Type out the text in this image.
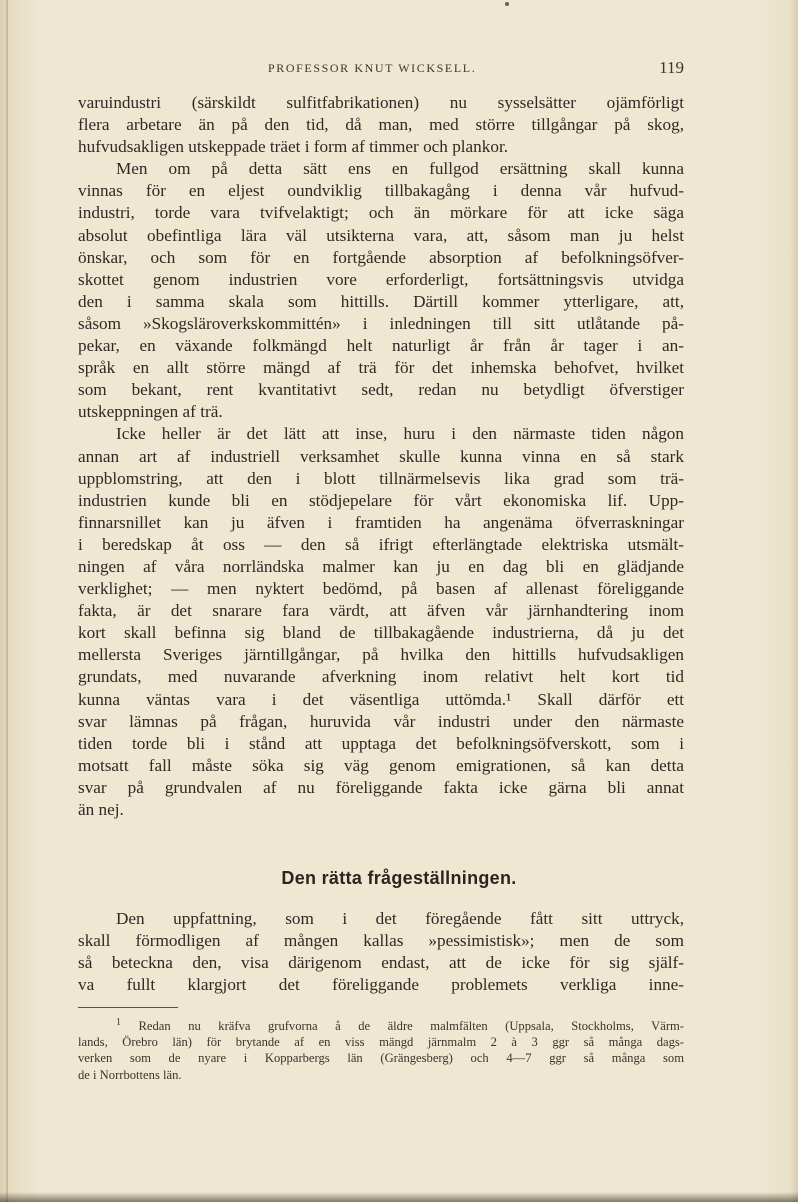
PROFESSOR KNUT WICKSELL.	119
varuindustri (särskildt sulfitfabrikationen) nu sysselsätter ojämförligt
flera arbetare än på den tid, då man, med större tillgångar på skog,
hufvudsakligen utskeppade träet i form af timmer och plankor.
Men om på detta sätt ens en fullgod ersättning skall kunna
vinnas för en eljest oundviklig tillbakagång i denna vår hufvud-
industri, torde vara tvifvelaktigt; och än mörkare för att icke säga
absolut obefintliga lära väl utsikterna vara, att, såsom man ju helst
önskar, och som för en fortgående absorption af befolkningsöfver-
skottet genom industrien vore erforderligt, fortsättningsvis utvidga
den i samma skala som hittills. Därtill kommer ytterligare, att,
såsom »Skogsläroverkskommittén» i inledningen till sitt utlåtande på-
pekar, en växande folkmängd helt naturligt år från år tager i an-
språk en allt större mängd af trä för det inhemska behofvet, hvilket
som bekant, rent kvantitativt sedt, redan nu betydligt öfverstiger
utskeppningen af trä.
Icke heller är det lätt att inse, huru i den närmaste tiden någon
annan art af industriell verksamhet skulle kunna vinna en så stark
uppblomstring, att den i blott tillnärmelsevis lika grad som trä-
industrien kunde bli en stödjepelare för vårt ekonomiska lif. Upp-
finnarsnillet kan ju äfven i framtiden ha angenäma öfverraskningar
i beredskap åt oss — den så ifrigt efterlängtade elektriska utsmält-
ningen af våra norrländska malmer kan ju en dag bli en glädjande
verklighet; — men nyktert bedömd, på basen af allenast föreliggande
fakta, är det snarare fara värdt, att äfven vår järnhandtering inom
kort skall befinna sig bland de tillbakagående industrierna, då ju det
mellersta Sveriges järntillgångar, på hvilka den hittills hufvudsakligen
grundats, med nuvarande afverkning inom relativt helt kort tid
kunna väntas vara i det väsentliga uttömda.¹ Skall därför ett
svar lämnas på frågan, huruvida vår industri under den närmaste
tiden torde bli i stånd att upptaga det befolkningsöfverskott, som i
motsatt fall måste söka sig väg genom emigrationen, så kan detta
svar på grundvalen af nu föreliggande fakta icke gärna bli annat
än nej.
Den rätta frågeställningen.
Den uppfattning, som i det föregående fått sitt uttryck,
skall förmodligen af mången kallas »pessimistisk»; men de som
så beteckna den, visa därigenom endast, att de icke för sig själf-
va fullt klargjort det föreliggande problemets verkliga inne-
$^1$ Redan nu kräfva grufvorna å de äldre malmfälten (Uppsala, Stockholms, Värm-
lands, Örebro län) för brytande af en viss mängd järnmalm 2 à 3 ggr så många dags-
verken som de nyare i Kopparbergs län (Grängesberg) och 4—7 ggr så många som
de i Norrbottens län.
